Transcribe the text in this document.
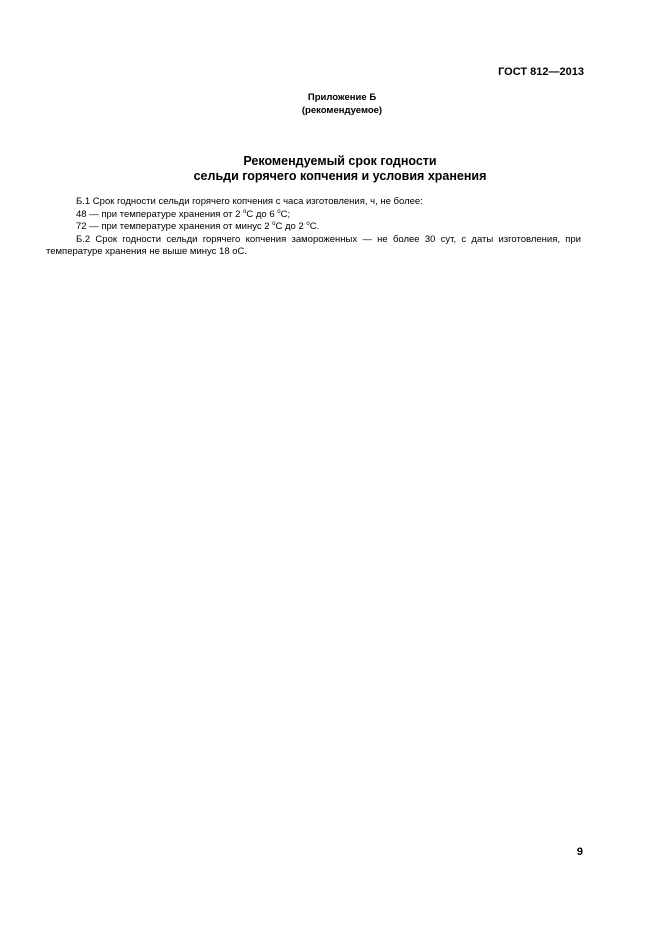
ГОСТ 812—2013
Приложение Б
(рекомендуемое)
Рекомендуемый срок годности
сельди горячего копчения и условия хранения

Б.1 Срок годности сельди горячего копчения с часа изготовления, ч, не более:

48 — при температуре хранения от 2 $^o$С до 6 $^o$С;

72 — при температуре хранения от минус 2 $^o$С до 2 $^o$С.

Б.2 Срок годности сельди горячего копчения замороженных — не более 30 сут, с даты изготовления, при температуре хранения не выше минус 18 оС.

9
